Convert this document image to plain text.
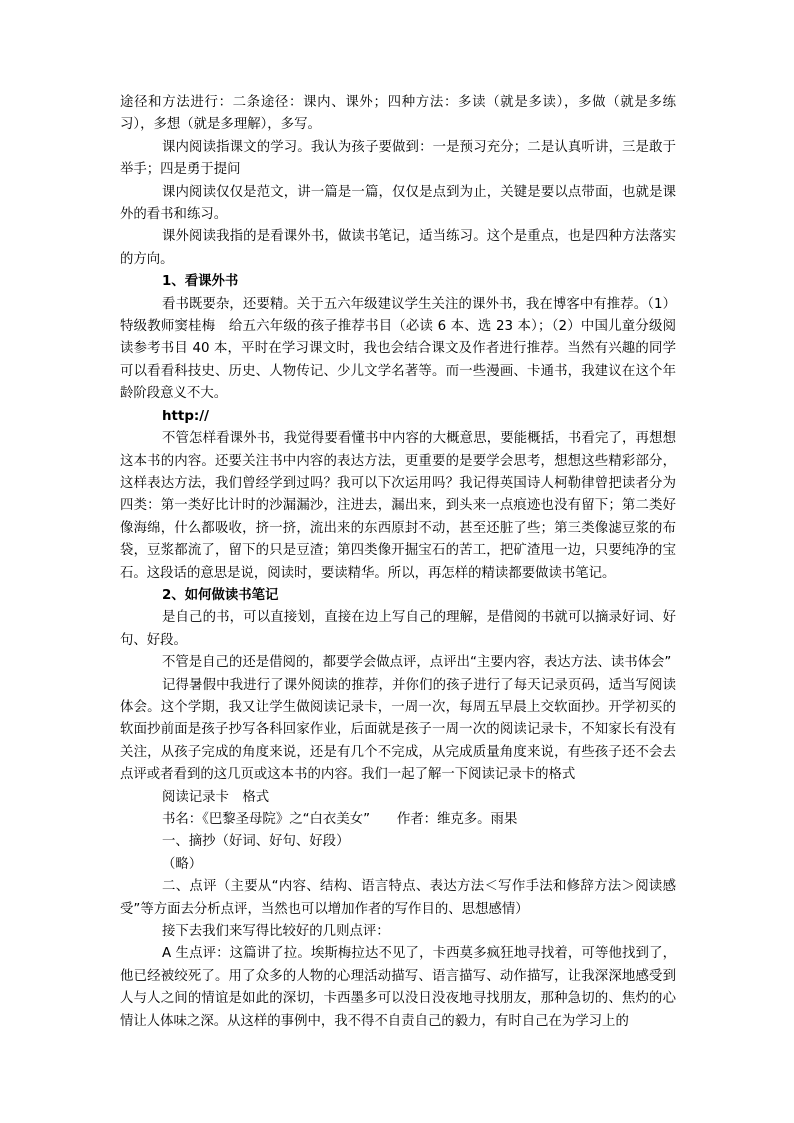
途径和方法进行：二条途径：课内、课外；四种方法：多读（就是多读），多做（就是多练习），多想（就是多理解），多写。

课内阅读指课文的学习。我认为孩子要做到：一是预习充分；二是认真听讲，三是敢于举手；四是勇于提问

课内阅读仅仅是范文，讲一篇是一篇，仅仅是点到为止，关键是要以点带面，也就是课外的看书和练习。

课外阅读我指的是看课外书，做读书笔记，适当练习。这个是重点，也是四种方法落实的方向。

1、看课外书

看书既要杂，还要精。关于五六年级建议学生关注的课外书，我在博客中有推荐。（1）特级教师窦桂梅　给五六年级的孩子推荐书目（必读 6 本、选 23 本）；（2）中国儿童分级阅读参考书目 40 本，平时在学习课文时，我也会结合课文及作者进行推荐。当然有兴趣的同学可以看看科技史、历史、人物传记、少儿文学名著等。而一些漫画、卡通书，我建议在这个年龄阶段意义不大。

http://

不管怎样看课外书，我觉得要看懂书中内容的大概意思，要能概括，书看完了，再想想这本书的内容。还要关注书中内容的表达方法，更重要的是要学会思考，想想这些精彩部分，这样表达方法，我们曾经学到过吗？我可以下次运用吗？我记得英国诗人柯勒律曾把读者分为四类：第一类好比计时的沙漏漏沙，注进去，漏出来，到头来一点痕迹也没有留下；第二类好像海绵，什么都吸收，挤一挤，流出来的东西原封不动，甚至还脏了些；第三类像滤豆浆的布袋，豆浆都流了，留下的只是豆渣；第四类像开掘宝石的苦工，把矿渣甩一边，只要纯净的宝石。这段话的意思是说，阅读时，要读精华。所以，再怎样的精读都要做读书笔记。

2、如何做读书笔记

是自己的书，可以直接划，直接在边上写自己的理解，是借阅的书就可以摘录好词、好句、好段。

不管是自己的还是借阅的，都要学会做点评，点评出“主要内容，表达方法、读书体会”

记得暑假中我进行了课外阅读的推荐，并你们的孩子进行了每天记录页码，适当写阅读体会。这个学期，我又让学生做阅读记录卡，一周一次，每周五早晨上交软面抄。开学初买的软面抄前面是孩子抄写各科回家作业，后面就是孩子一周一次的阅读记录卡，不知家长有没有关注，从孩子完成的角度来说，还是有几个不完成，从完成质量角度来说，有些孩子还不会去点评或者看到的这几页或这本书的内容。我们一起了解一下阅读记录卡的格式

阅读记录卡　格式

书名：《巴黎圣母院》之“白衣美女”　　作者：维克多。雨果

一、摘抄（好词、好句、好段）

（略）

二、点评（主要从“内容、结构、语言特点、表达方法＜写作手法和修辞方法＞阅读感受”等方面去分析点评，当然也可以增加作者的写作目的、思想感情）

接下去我们来写得比较好的几则点评：

A 生点评：这篇讲了拉。埃斯梅拉达不见了，卡西莫多疯狂地寻找着，可等他找到了，他已经被绞死了。用了众多的人物的心理活动描写、语言描写、动作描写，让我深深地感受到人与人之间的情谊是如此的深切，卡西墨多可以没日没夜地寻找朋友，那种急切的、焦灼的心情让人体味之深。从这样的事例中，我不得不自责自己的毅力，有时自己在为学习上的
